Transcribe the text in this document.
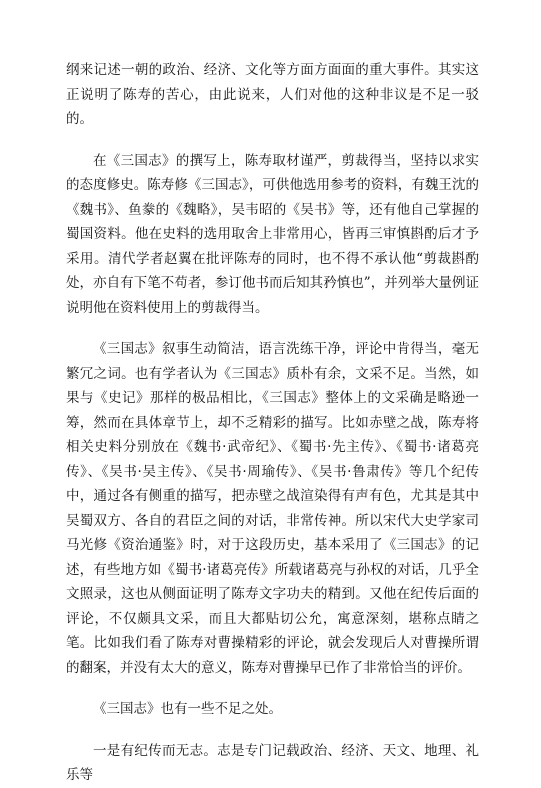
纲来记述一朝的政治、经济、文化等方面方面面的重大事件。其实这正说明了陈寿的苦心，由此说来，人们对他的这种非议是不足一驳的。

在《三国志》的撰写上，陈寿取材谨严，剪裁得当，坚持以求实的态度修史。陈寿修《三国志》，可供他选用参考的资料，有魏王沈的《魏书》、鱼豢的《魏略》，吴韦昭的《吴书》等，还有他自己掌握的蜀国资料。他在史料的选用取舍上非常用心，皆再三审慎斟酌后才予采用。清代学者赵翼在批评陈寿的同时，也不得不承认他“剪裁斟酌处，亦自有下笔不苟者，参订他书而后知其矜慎也”，并列举大量例证说明他在资料使用上的剪裁得当。

《三国志》叙事生动简洁，语言洗练干净，评论中肯得当，毫无繁冗之词。也有学者认为《三国志》质朴有余，文采不足。当然，如果与《史记》那样的极品相比，《三国志》整体上的文采确是略逊一筹，然而在具体章节上，却不乏精彩的描写。比如赤壁之战，陈寿将相关史料分别放在《魏书·武帝纪》、《蜀书·先主传》、《蜀书·诸葛亮传》、《吴书·吴主传》、《吴书·周瑜传》、《吴书·鲁肃传》等几个纪传中，通过各有侧重的描写，把赤壁之战渲染得有声有色，尤其是其中吴蜀双方、各自的君臣之间的对话，非常传神。所以宋代大史学家司马光修《资治通鉴》时，对于这段历史，基本采用了《三国志》的记述，有些地方如《蜀书·诸葛亮传》所载诸葛亮与孙权的对话，几乎全文照录，这也从侧面证明了陈寿文字功夫的精到。又他在纪传后面的评论，不仅颇具文采，而且大都贴切公允，寓意深刻，堪称点睛之笔。比如我们看了陈寿对曹操精彩的评论，就会发现后人对曹操所谓的翻案，并没有太大的意义，陈寿对曹操早已作了非常恰当的评价。

《三国志》也有一些不足之处。

一是有纪传而无志。志是专门记载政治、经济、天文、地理、礼乐等
